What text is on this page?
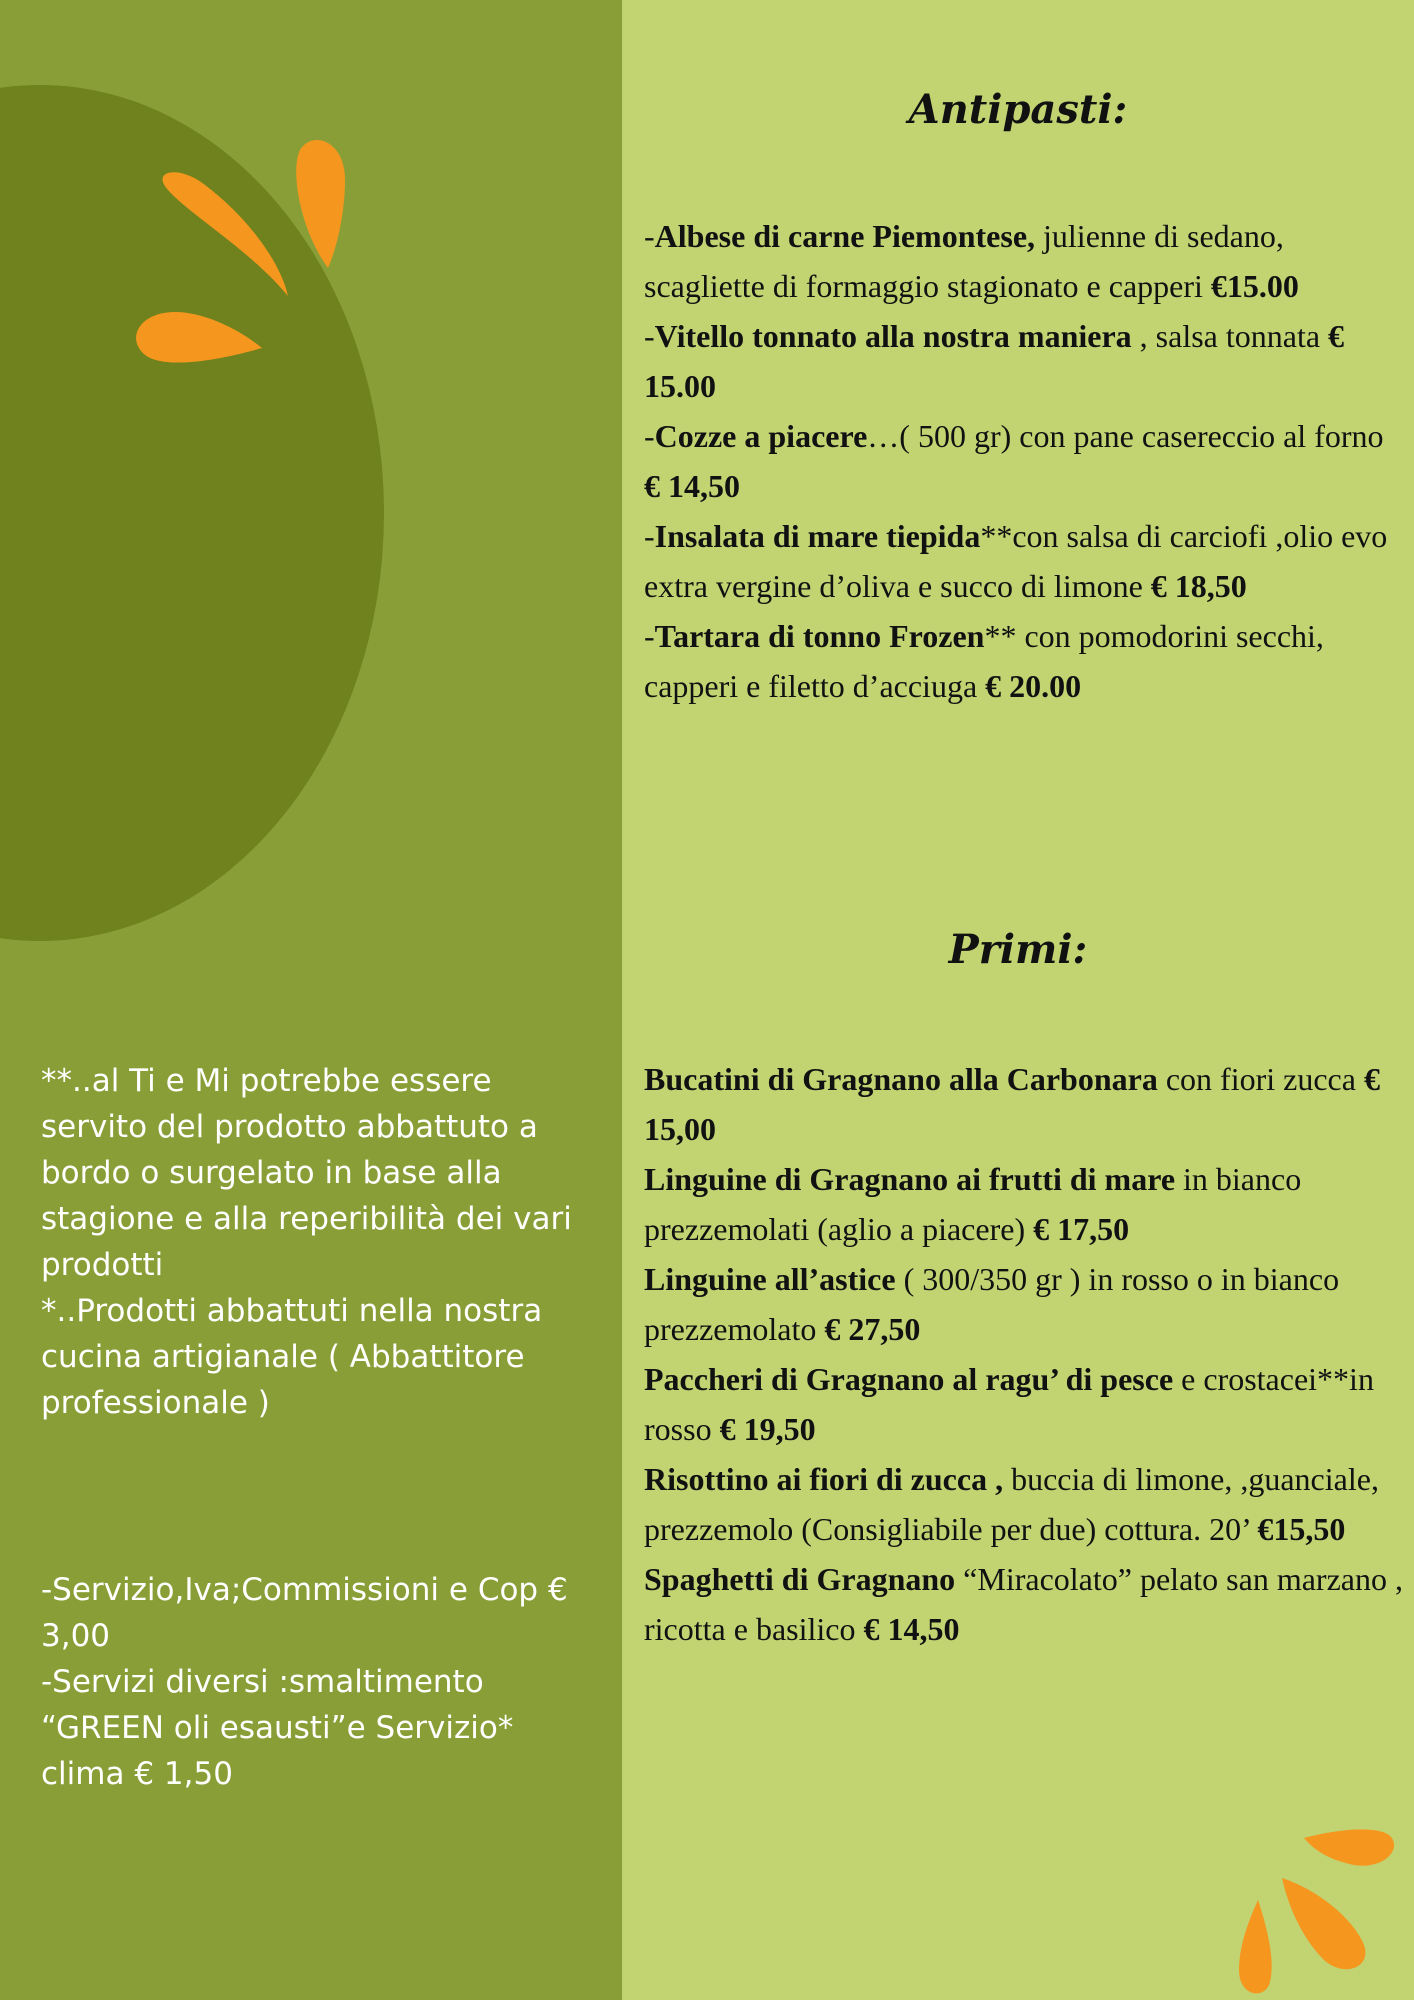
**..al Ti e Mi potrebbe essere servito del prodotto abbattuto a bordo o surgelato in base alla stagione e alla reperibilità dei vari prodotti

*..Prodotti abbattuti nella nostra cucina artigianale ( Abbattitore professionale )

-Servizio,Iva;Commissioni e Cop € 3,00

-Servizi diversi :smaltimento “GREEN oli esausti”e Servizio* clima € 1,50

Antipasti:

-Albese di carne Piemontese, julienne di sedano, scagliette di formaggio stagionato e capperi €15.00

-Vitello tonnato alla nostra maniera , salsa tonnata € 15.00

-Cozze a piacere…( 500 gr) con pane casereccio al forno € 14,50

-Insalata di mare tiepida**con salsa di carciofi ,olio evo extra vergine d’oliva e succo di limone € 18,50

-Tartara di tonno Frozen** con pomodorini secchi, capperi e filetto d’acciuga € 20.00

Primi:

Bucatini di Gragnano alla Carbonara con fiori zucca € 15,00

Linguine di Gragnano ai frutti di mare in bianco prezzemolati (aglio a piacere) € 17,50

Linguine all’astice ( 300/350 gr ) in rosso o in bianco prezzemolato € 27,50

Paccheri di Gragnano al ragu’ di pesce e crostacei**in rosso € 19,50

Risottino ai fiori di zucca , buccia di limone, ,guanciale, prezzemolo (Consigliabile per due) cottura. 20’ €15,50

Spaghetti di Gragnano “Miracolato” pelato san marzano , ricotta e basilico € 14,50
